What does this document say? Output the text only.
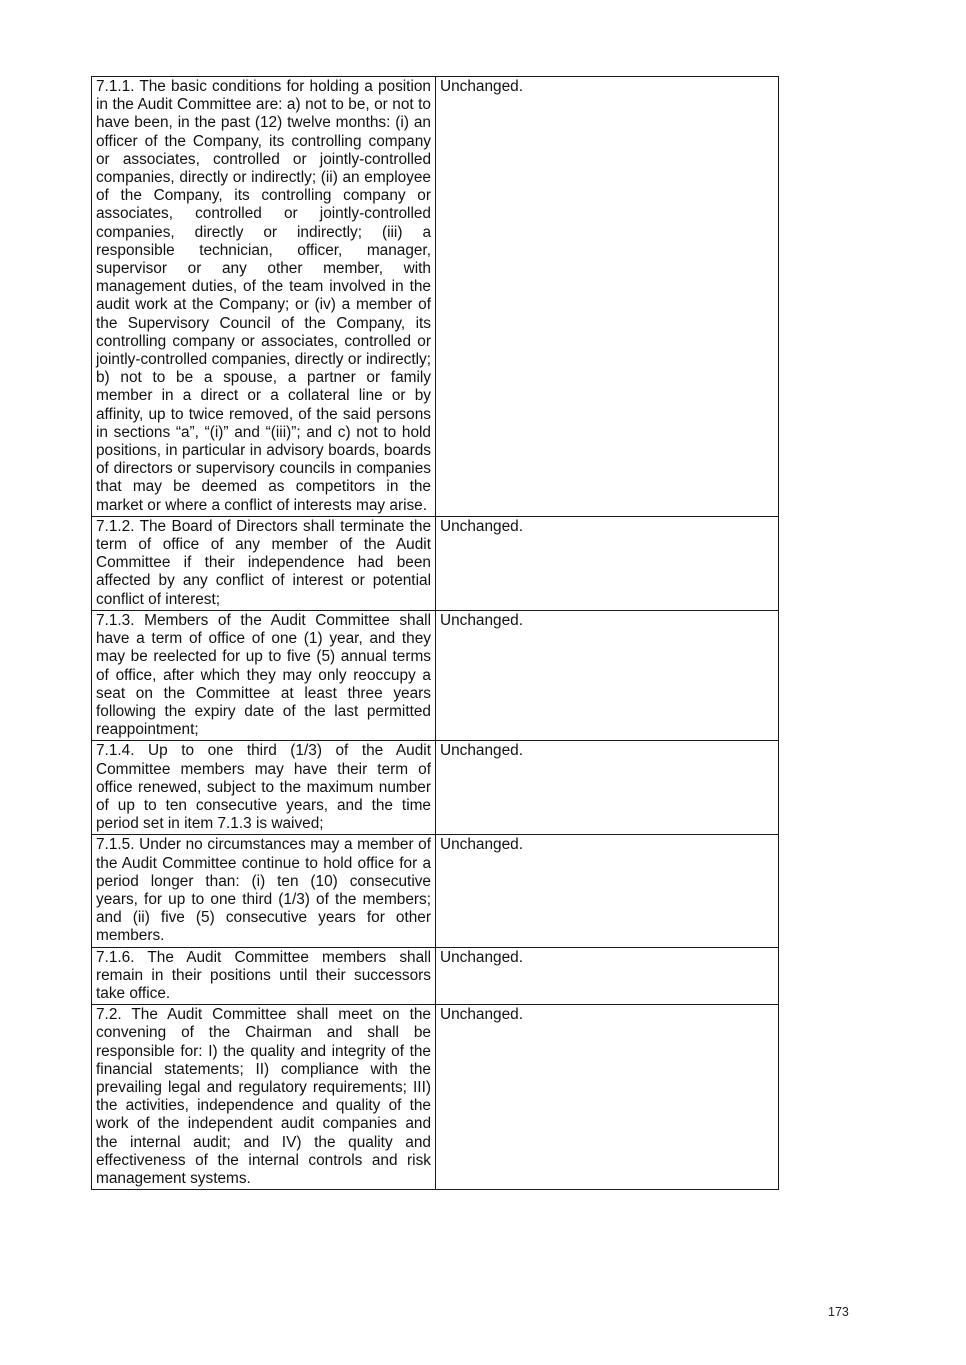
7.1.1. The basic conditions for holding a position in the Audit Committee are: a) not to be, or not to have been, in the past (12) twelve months: (i) an officer of the Company, its controlling company or associates, controlled or jointly-controlled companies, directly or indirectly; (ii) an employee of the Company, its controlling company or associates, controlled or jointly-controlled companies, directly or indirectly; (iii) a responsible technician, officer, manager, supervisor or any other member, with management duties, of the team involved in the audit work at the Company; or (iv) a member of the Supervisory Council of the Company, its controlling company or associates, controlled or jointly-controlled companies, directly or indirectly; b) not to be a spouse, a partner or family member in a direct or a collateral line or by affinity, up to twice removed, of the said persons in sections “a”, “(i)” and “(iii)”; and c) not to hold positions, in particular in advisory boards, boards of directors or supervisory councils in companies that may be deemed as competitors in the market or where a conflict of interests may arise.	Unchanged.
7.1.2. The Board of Directors shall terminate the term of office of any member of the Audit Committee if their independence had been affected by any conflict of interest or potential conflict of interest;	Unchanged.
7.1.3. Members of the Audit Committee shall have a term of office of one (1) year, and they may be reelected for up to five (5) annual terms of office, after which they may only reoccupy a seat on the Committee at least three years following the expiry date of the last permitted reappointment;	Unchanged.
7.1.4. Up to one third (1/3) of the Audit Committee members may have their term of office renewed, subject to the maximum number of up to ten consecutive years, and the time period set in item 7.1.3 is waived;	Unchanged.
7.1.5. Under no circumstances may a member of the Audit Committee continue to hold office for a period longer than: (i) ten (10) consecutive years, for up to one third (1/3) of the members; and (ii) five (5) consecutive years for other members.	Unchanged.
7.1.6. The Audit Committee members shall remain in their positions until their successors take office.	Unchanged.
7.2. The Audit Committee shall meet on the convening of the Chairman and shall be responsible for: I) the quality and integrity of the financial statements; II) compliance with the prevailing legal and regulatory requirements; III) the activities, independence and quality of the work of the independent audit companies and the internal audit; and IV) the quality and effectiveness of the internal controls and risk management systems.	Unchanged.
173
